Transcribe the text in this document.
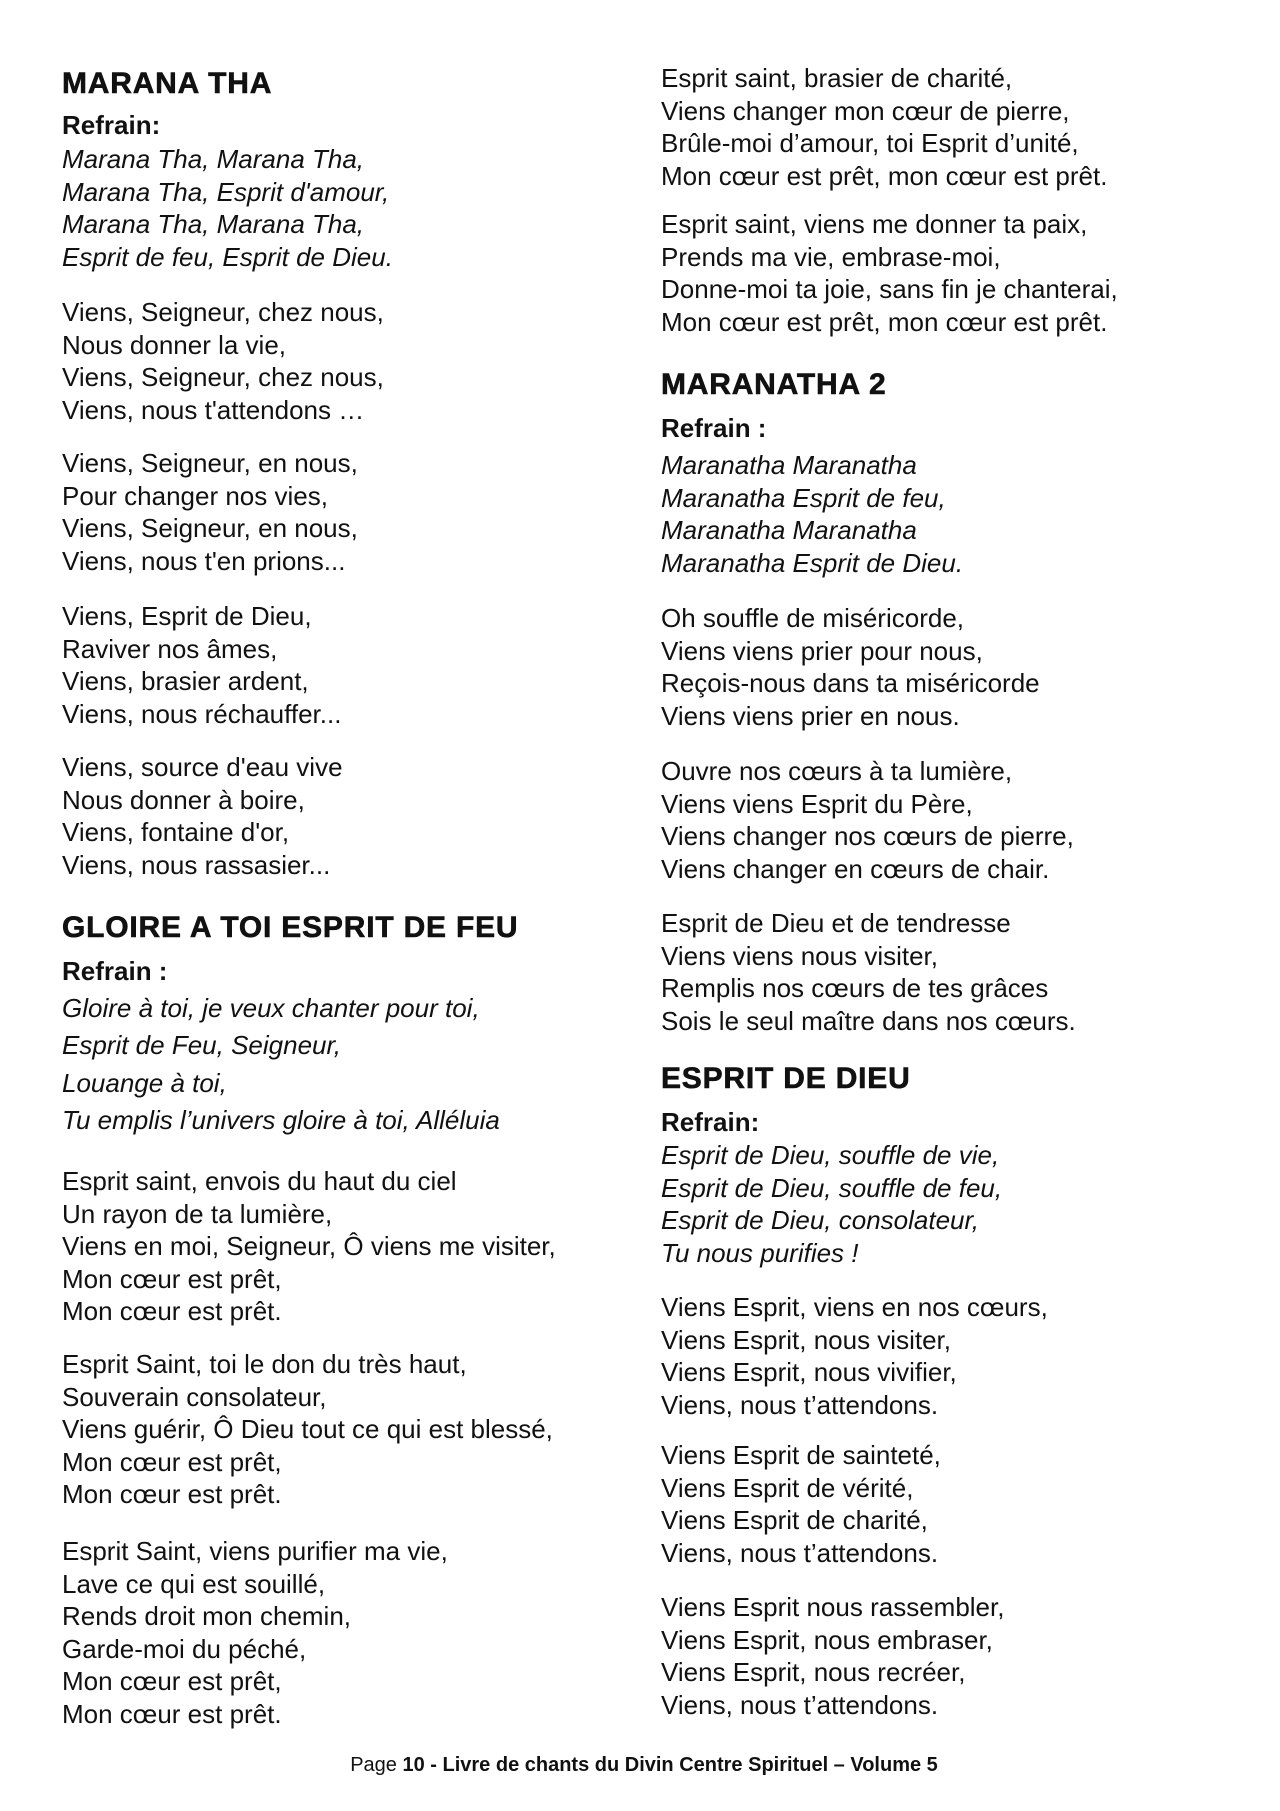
MARANA THA
Refrain:
Marana Tha, Marana Tha,
Marana Tha, Esprit d'amour,
Marana Tha, Marana Tha,
Esprit de feu, Esprit de Dieu.
Viens, Seigneur, chez nous,
Nous donner la vie,
Viens, Seigneur, chez nous,
Viens, nous t'attendons …
Viens, Seigneur, en nous,
Pour changer nos vies,
Viens, Seigneur, en nous,
Viens, nous t'en prions...
Viens, Esprit de Dieu,
Raviver nos âmes,
Viens, brasier ardent,
Viens, nous réchauffer...
Viens, source d'eau vive
Nous donner à boire,
Viens, fontaine d'or,
Viens, nous rassasier...
GLOIRE A TOI ESPRIT DE FEU
Refrain :
Gloire à toi, je veux chanter pour toi,
Esprit de Feu, Seigneur,
Louange à toi,
Tu emplis l’univers gloire à toi, Alléluia
Esprit saint, envois du haut du ciel
Un rayon de ta lumière,
Viens en moi, Seigneur, Ô viens me visiter,
Mon cœur est prêt,
Mon cœur est prêt.
Esprit Saint, toi le don du très haut,
Souverain consolateur,
Viens guérir, Ô Dieu tout ce qui est blessé,
Mon cœur est prêt,
Mon cœur est prêt.
Esprit Saint, viens purifier ma vie,
Lave ce qui est souillé,
Rends droit mon chemin,
Garde-moi du péché,
Mon cœur est prêt,
Mon cœur est prêt.
Esprit saint, brasier de charité,
Viens changer mon cœur de pierre,
Brûle-moi d’amour, toi Esprit d’unité,
Mon cœur est prêt, mon cœur est prêt.
Esprit saint, viens me donner ta paix,
Prends ma vie, embrase-moi,
Donne-moi ta joie, sans fin je chanterai,
Mon cœur est prêt, mon cœur est prêt.
MARANATHA 2
Refrain :
Maranatha Maranatha
Maranatha Esprit de feu,
Maranatha Maranatha
Maranatha Esprit de Dieu.
Oh souffle de miséricorde,
Viens viens prier pour nous,
Reçois-nous dans ta miséricorde
Viens viens prier en nous.
Ouvre nos cœurs à ta lumière,
Viens viens Esprit du Père,
Viens changer nos cœurs de pierre,
Viens changer en cœurs de chair.
Esprit de Dieu et de tendresse
Viens viens nous visiter,
Remplis nos cœurs de tes grâces
Sois le seul maître dans nos cœurs.
ESPRIT DE DIEU
Refrain:
Esprit de Dieu, souffle de vie,
Esprit de Dieu, souffle de feu,
Esprit de Dieu, consolateur,
Tu nous purifies !
Viens Esprit, viens en nos cœurs,
Viens Esprit, nous visiter,
Viens Esprit, nous vivifier,
Viens, nous t’attendons.
Viens Esprit de sainteté,
Viens Esprit de vérité,
Viens Esprit de charité,
Viens, nous t’attendons.
Viens Esprit nous rassembler,
Viens Esprit, nous embraser,
Viens Esprit, nous recréer,
Viens, nous t’attendons.
Page 10 - Livre de chants du Divin Centre Spirituel – Volume 5
